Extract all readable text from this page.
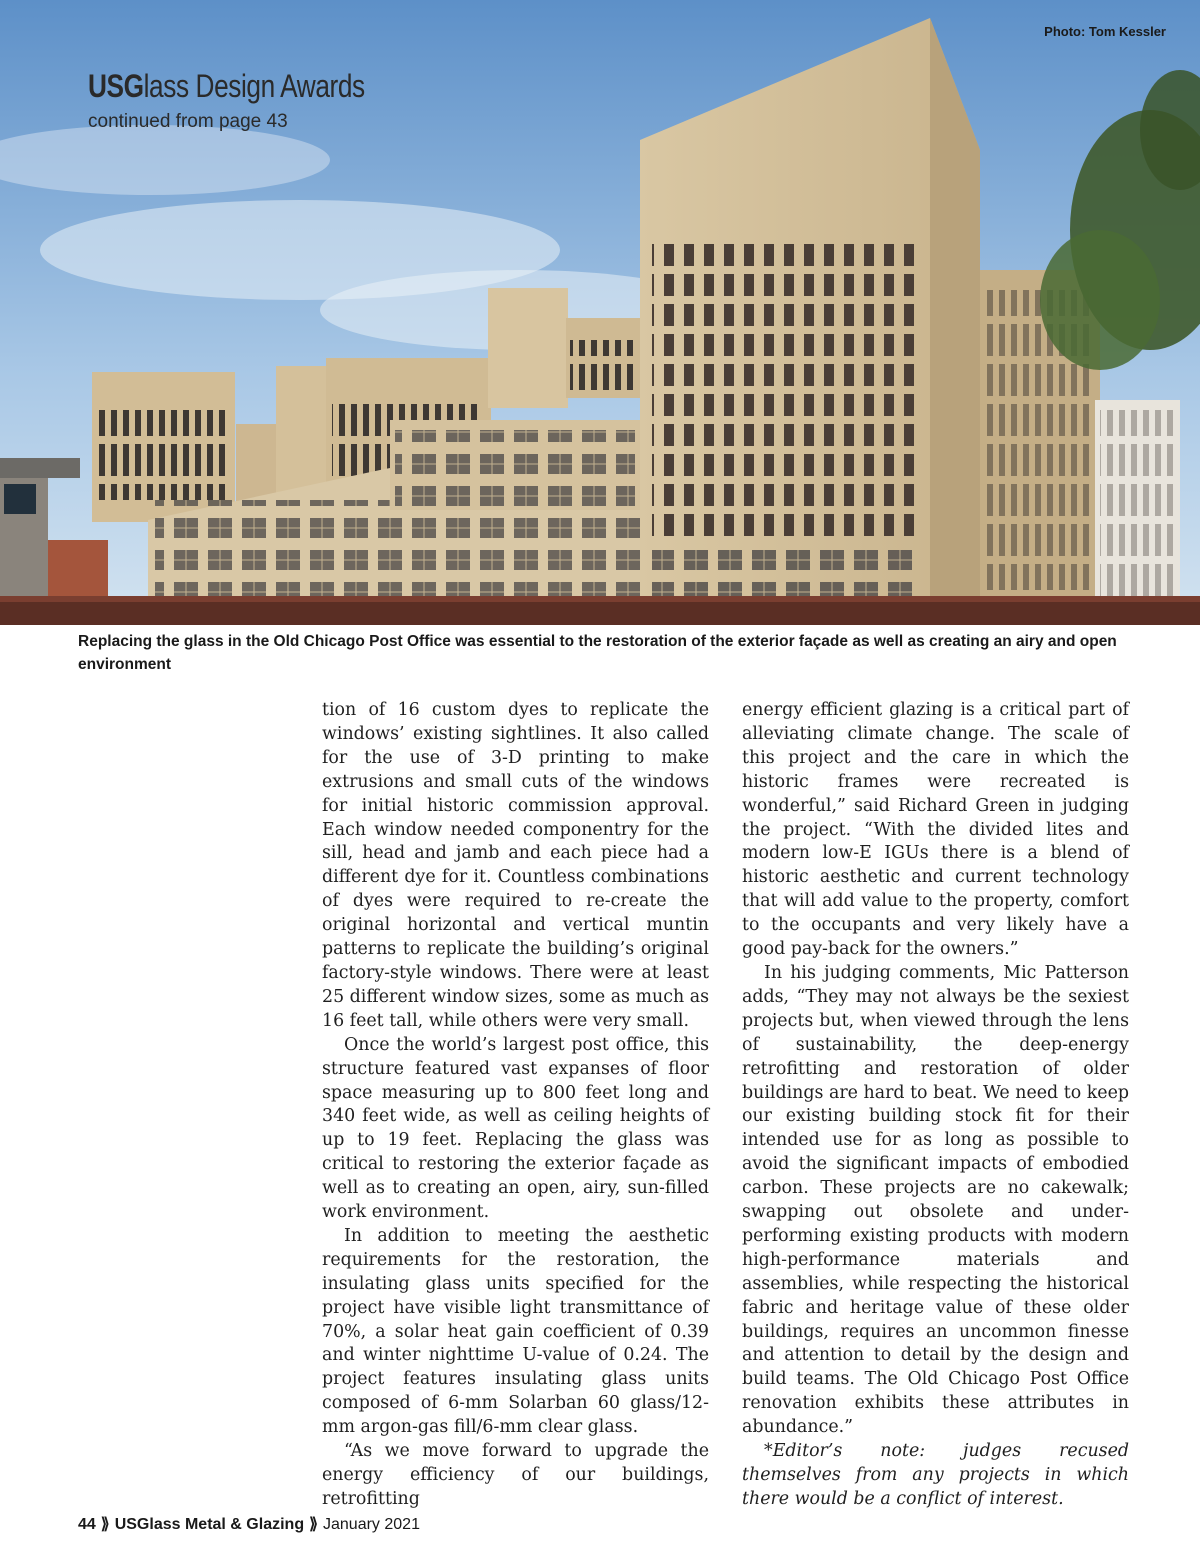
Photo: Tom Kessler
USGlass Design Awards
continued from page 43
Replacing the glass in the Old Chicago Post Office was essential to the restoration of the exterior façade as well as creating an airy and open environment

tion of 16 custom dyes to replicate the windows’ existing sightlines. It also called for the use of 3-D printing to make extrusions and small cuts of the windows for initial historic commission approval. Each window needed componentry for the sill, head and jamb and each piece had a different dye for it. Countless combinations of dyes were required to re-create the original horizontal and vertical muntin patterns to replicate the building’s original factory-style windows. There were at least 25 different window sizes, some as much as 16 feet tall, while others were very small.

Once the world’s largest post office, this structure featured vast expanses of floor space measuring up to 800 feet long and 340 feet wide, as well as ceiling heights of up to 19 feet. Replacing the glass was critical to restoring the exterior façade as well as to creating an open, airy, sun-filled work environment.

In addition to meeting the aesthetic requirements for the restoration, the insulating glass units specified for the project have visible light transmittance of 70%, a solar heat gain coefficient of 0.39 and winter nighttime U-value of 0.24. The project features insulating glass units composed of 6-mm Solarban 60 glass/12-mm argon-gas fill/6-mm clear glass.

“As we move forward to upgrade the energy efficiency of our buildings, retrofitting

energy efficient glazing is a critical part of alleviating climate change. The scale of this project and the care in which the historic frames were recreated is wonderful,” said Richard Green in judging the project. “With the divided lites and modern low-E IGUs there is a blend of historic aesthetic and current technology that will add value to the property, comfort to the occupants and very likely have a good pay-back for the owners.”

In his judging comments, Mic Patterson adds, “They may not always be the sexiest projects but, when viewed through the lens of sustainability, the deep-energy retrofitting and restoration of older buildings are hard to beat. We need to keep our existing building stock fit for their intended use for as long as possible to avoid the significant impacts of embodied carbon. These projects are no cakewalk; swapping out obsolete and under-performing existing products with modern high-performance materials and assemblies, while respecting the historical fabric and heritage value of these older buildings, requires an uncommon finesse and attention to detail by the design and build teams. The Old Chicago Post Office renovation exhibits these attributes in abundance.”

*Editor’s note: judges recused themselves from any projects in which there would be a conflict of interest.

44 ⟫ USGlass Metal & Glazing ⟫ January 2021
